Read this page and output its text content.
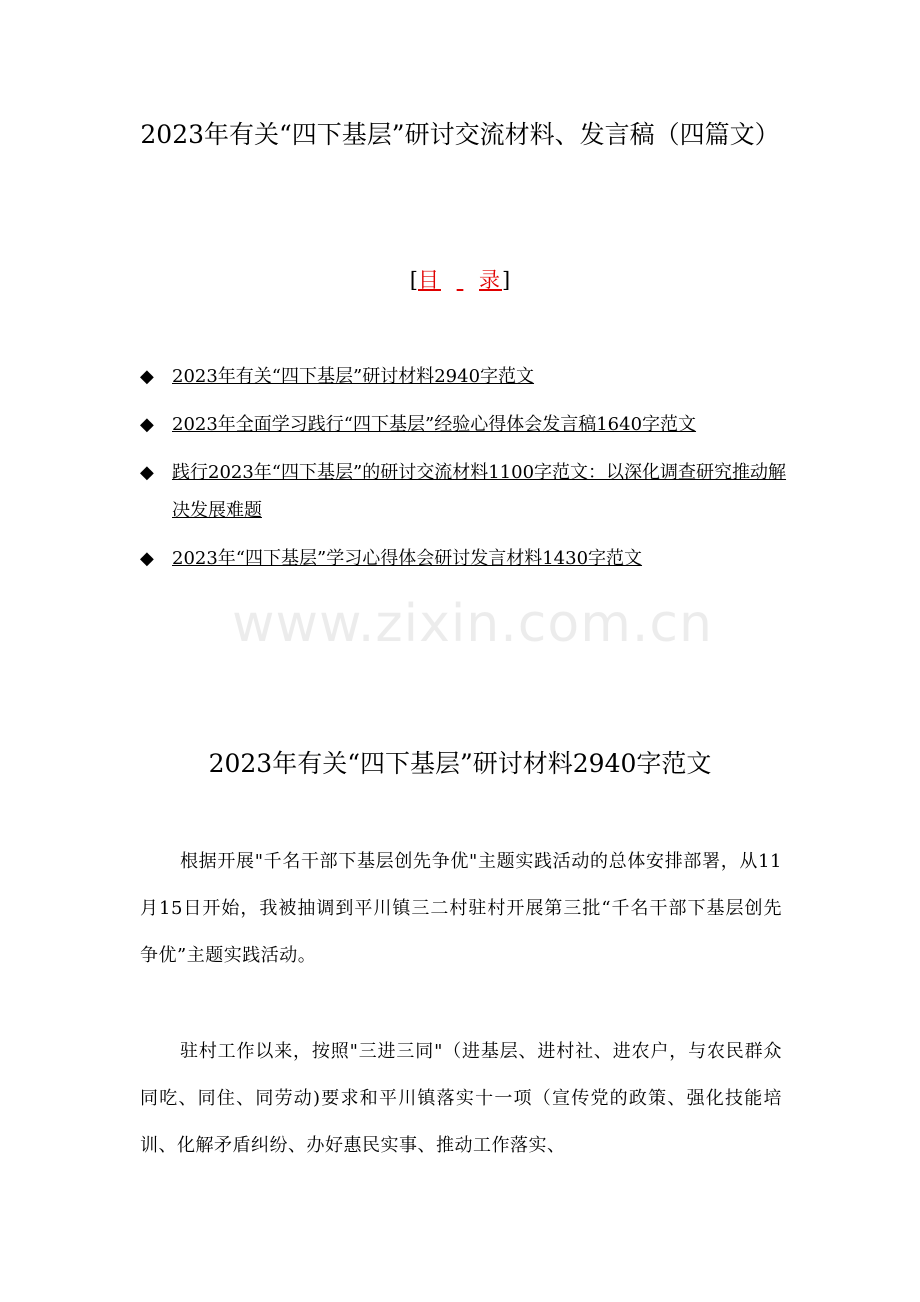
2023年有关“四下基层”研讨交流材料、发言稿（四篇文）
[目 录]
◆ 2023年有关“四下基层”研讨材料2940字范文
◆ 2023年全面学习践行“四下基层”经验心得体会发言稿1640字范文
◆ 践行2023年“四下基层”的研讨交流材料1100字范文：以深化调查研究推动解决发展难题
◆ 2023年“四下基层”学习心得体会研讨发言材料1430字范文
www.zixin.com.cn
2023年有关“四下基层”研讨材料2940字范文

根据开展"千名干部下基层创先争优"主题实践活动的总体安排部署，从11月15日开始，我被抽调到平川镇三二村驻村开展第三批“千名干部下基层创先争优”主题实践活动。

驻村工作以来，按照"三进三同"（进基层、进村社、进农户，与农民群众同吃、同住、同劳动)要求和平川镇落实十一项（宣传党的政策、强化技能培训、化解矛盾纠纷、办好惠民实事、推动工作落实、
